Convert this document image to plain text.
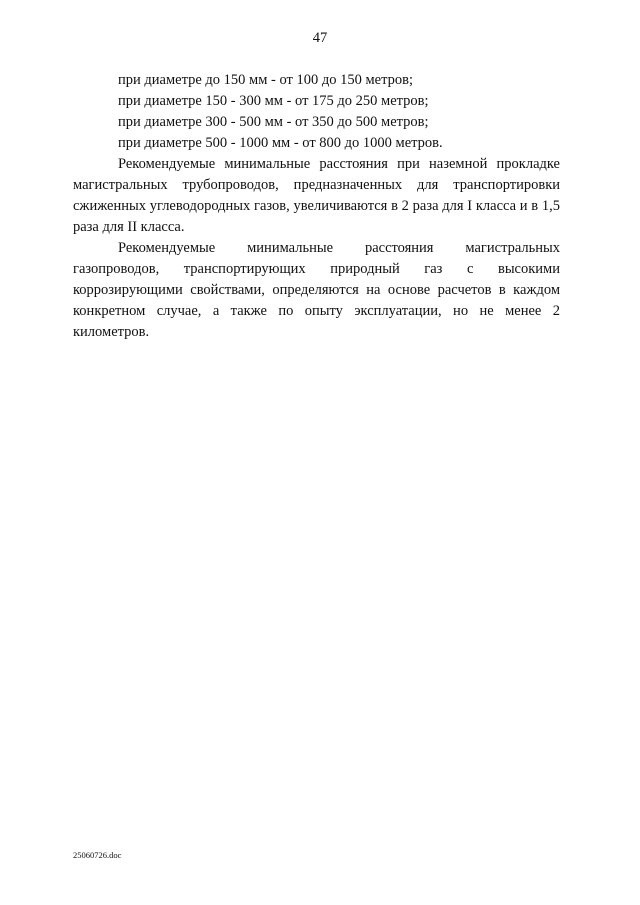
47

при диаметре до 150 мм - от 100 до 150 метров;

при диаметре 150 - 300 мм - от 175 до 250 метров;

при диаметре 300 - 500 мм - от 350 до 500 метров;

при диаметре 500 - 1000 мм - от 800 до 1000 метров.

Рекомендуемые минимальные расстояния при наземной прокладке магистральных трубопроводов, предназначенных для транспортировки сжиженных углеводородных газов, увеличиваются в 2 раза для I класса и в 1,5 раза для II класса.

Рекомендуемые минимальные расстояния магистральных газопроводов, транспортирующих природный газ с высокими коррозирующими свойствами, определяются на основе расчетов в каждом конкретном случае, а также по опыту эксплуатации, но не менее 2 километров.

25060726.doc
